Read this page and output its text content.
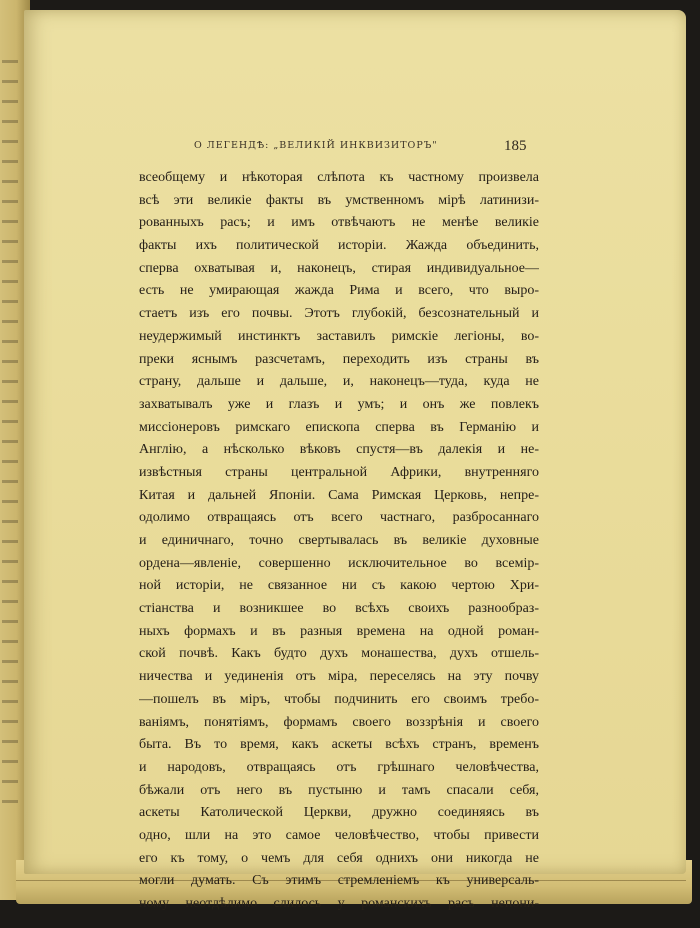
О ЛЕГЕНДѢ: „ВЕЛИКІЙ ИНКВИЗИТОРЪ"	185
всеобщему и нѣкоторая слѣпота къ частному произвела
всѣ эти великіе факты въ умственномъ мірѣ латинизи-
рованныхъ расъ; и имъ отвѣчаютъ не менѣе великіе
факты ихъ политической исторіи. Жажда объединить,
сперва охватывая и, наконецъ, стирая индивидуальное—
есть не умирающая жажда Рима и всего, что выро-
стаетъ изъ его почвы. Этотъ глубокій, безсознательный и
неудержимый инстинктъ заставилъ римскіе легіоны, во-
преки яснымъ разсчетамъ, переходить изъ страны въ
страну, дальше и дальше, и, наконецъ—туда, куда не
захватывалъ уже и глазъ и умъ; и онъ же повлекъ
миссіонеровъ римскаго епископа сперва въ Германію и
Англію, а нѣсколько вѣковъ спустя—въ далекія и не-
извѣстныя страны центральной Африки, внутренняго
Китая и дальней Японіи. Сама Римская Церковь, непре-
одолимо отвращаясь отъ всего частнаго, разбросаннаго
и единичнаго, точно свертывалась въ великіе духовные
ордена—явленіе, совершенно исключительное во всемір-
ной исторіи, не связанное ни съ какою чертою Хри-
стіанства и возникшее во всѣхъ своихъ разнообраз-
ныхъ формахъ и въ разныя времена на одной роман-
ской почвѣ. Какъ будто духъ монашества, духъ отшель-
ничества и уединенія отъ міра, переселясь на эту почву
—пошелъ въ міръ, чтобы подчинить его своимъ требо-
ваніямъ, понятіямъ, формамъ своего воззрѣнія и своего
быта. Въ то время, какъ аскеты всѣхъ странъ, временъ
и народовъ, отвращаясь отъ грѣшнаго человѣчества,
бѣжали отъ него въ пустыню и тамъ спасали себя,
аскеты Католической Церкви, дружно соединяясь въ
одно, шли на это самое человѣчество, чтобы привести
его къ тому, о чемъ для себя однихъ они никогда не
могли думать. Съ этимъ стремленіемъ къ универсаль-
ному неотдѣлимо слилось у романскихъ расъ непони-
